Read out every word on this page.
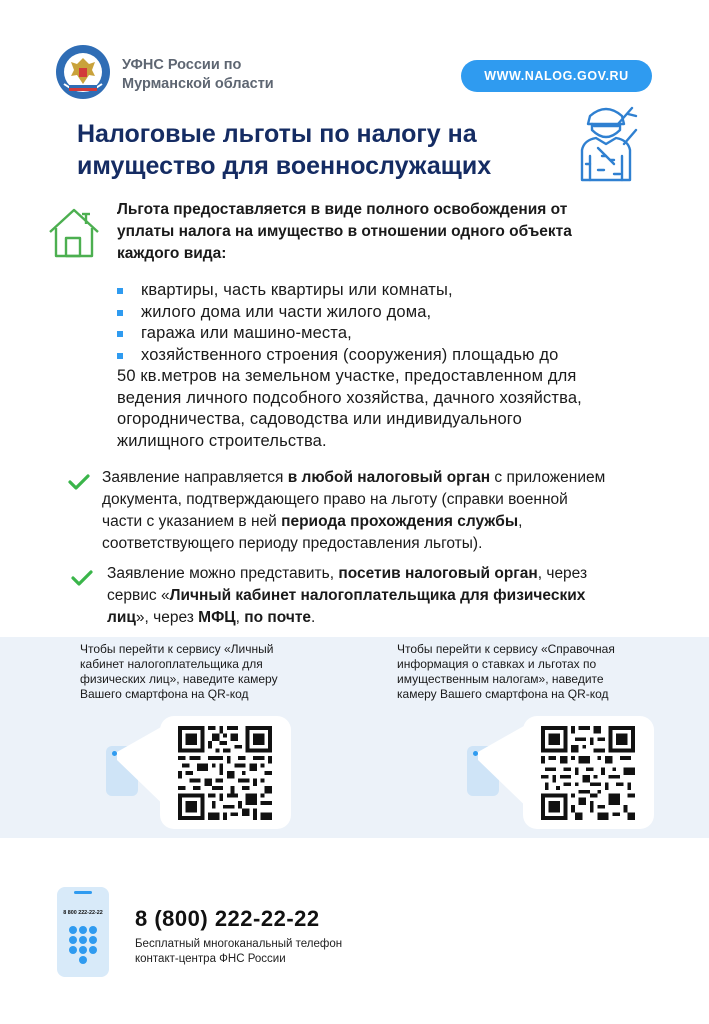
УФНС России по
Мурманской области	WWW.NALOG.GOV.RU
Налоговые льготы по налогу на
имущество для военнослужащих
Льгота предоставляется в виде полного освобождения от
уплаты налога на имущество в отношении одного объекта
каждого вида:
квартиры, часть квартиры или комнаты,
жилого дома или части жилого дома,
гаража или машино-места,
хозяйственного строения (сооружения) площадью до
50 кв.метров на земельном участке, предоставленном для
ведения личного подсобного хозяйства, дачного хозяйства,
огородничества, садоводства или индивидуального
жилищного строительства.
Заявление направляется в любой налоговый орган с приложением
документа, подтверждающего право на льготу (справки военной
части с указанием в ней периода прохождения службы,
соответствующего периоду предоставления льготы).
Заявление можно представить, посетив налоговый орган, через
сервис «Личный кабинет налогоплательщика для физических
лиц», через МФЦ, по почте.
Чтобы перейти к сервису «Личный
кабинет налогоплательщика для
физических лиц», наведите камеру
Вашего смартфона на QR-код
Чтобы перейти к сервису «Справочная
информация о ставках и льготах по
имущественным налогам», наведите
камеру Вашего смартфона на QR-код
8 800 222-22-22 8 (800) 222-22-22
Бесплатный многоканальный телефон
контакт-центра ФНС России
